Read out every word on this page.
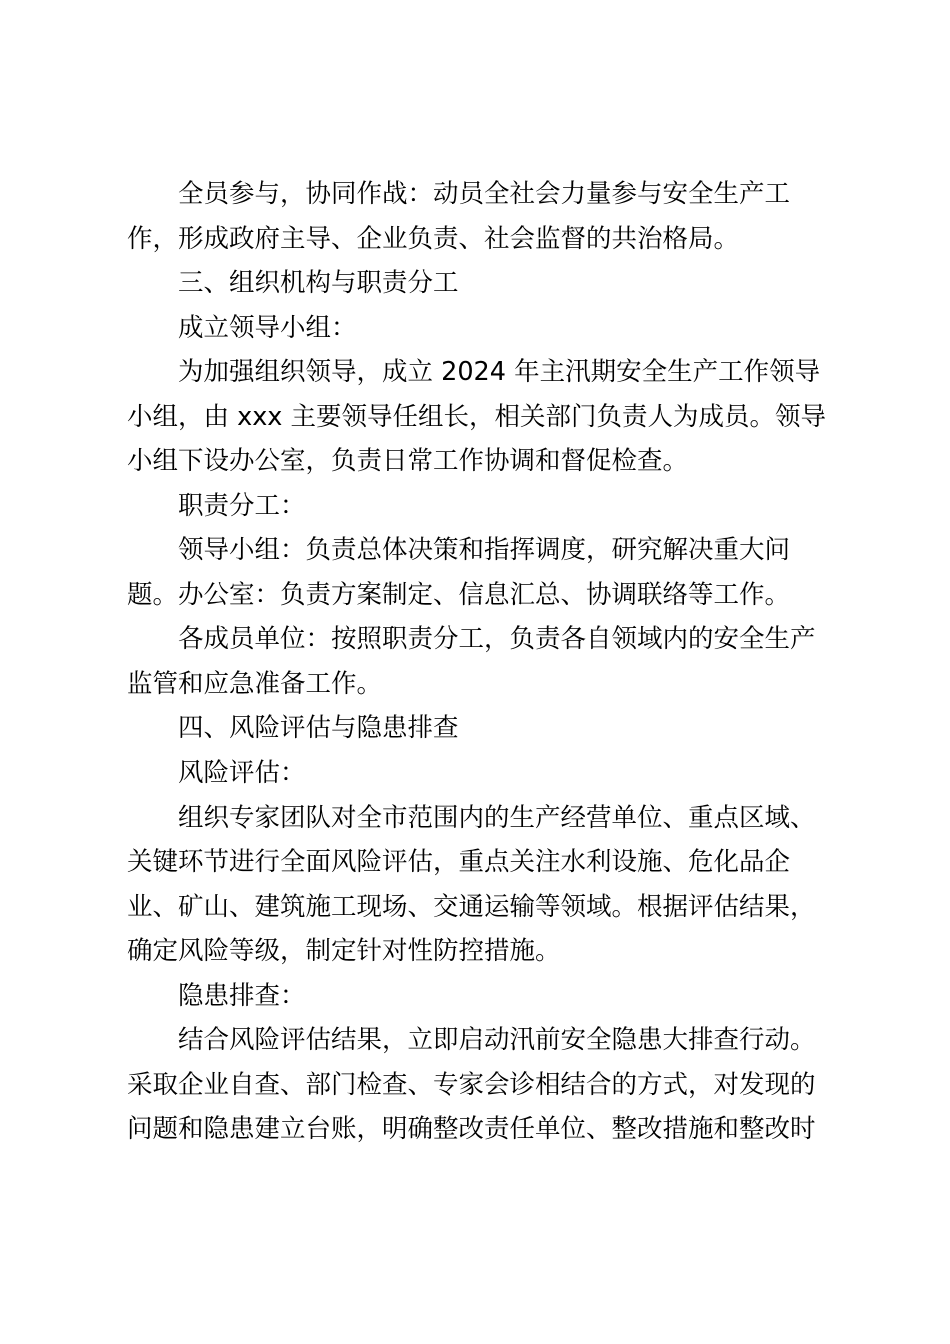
全员参与，协同作战：动员全社会力量参与安全生产工
作，形成政府主导、企业负责、社会监督的共治格局。
三、组织机构与职责分工
成立领导小组：
为加强组织领导，成立 2024 年主汛期安全生产工作领导
小组，由 xxx 主要领导任组长，相关部门负责人为成员。领导
小组下设办公室，负责日常工作协调和督促检查。
职责分工：
领导小组：负责总体决策和指挥调度，研究解决重大问
题。办公室：负责方案制定、信息汇总、协调联络等工作。
各成员单位：按照职责分工，负责各自领域内的安全生产
监管和应急准备工作。
四、风险评估与隐患排查
风险评估：
组织专家团队对全市范围内的生产经营单位、重点区域、
关键环节进行全面风险评估，重点关注水利设施、危化品企
业、矿山、建筑施工现场、交通运输等领域。根据评估结果，
确定风险等级，制定针对性防控措施。
隐患排查：
结合风险评估结果，立即启动汛前安全隐患大排查行动。
采取企业自查、部门检查、专家会诊相结合的方式，对发现的
问题和隐患建立台账，明确整改责任单位、整改措施和整改时
